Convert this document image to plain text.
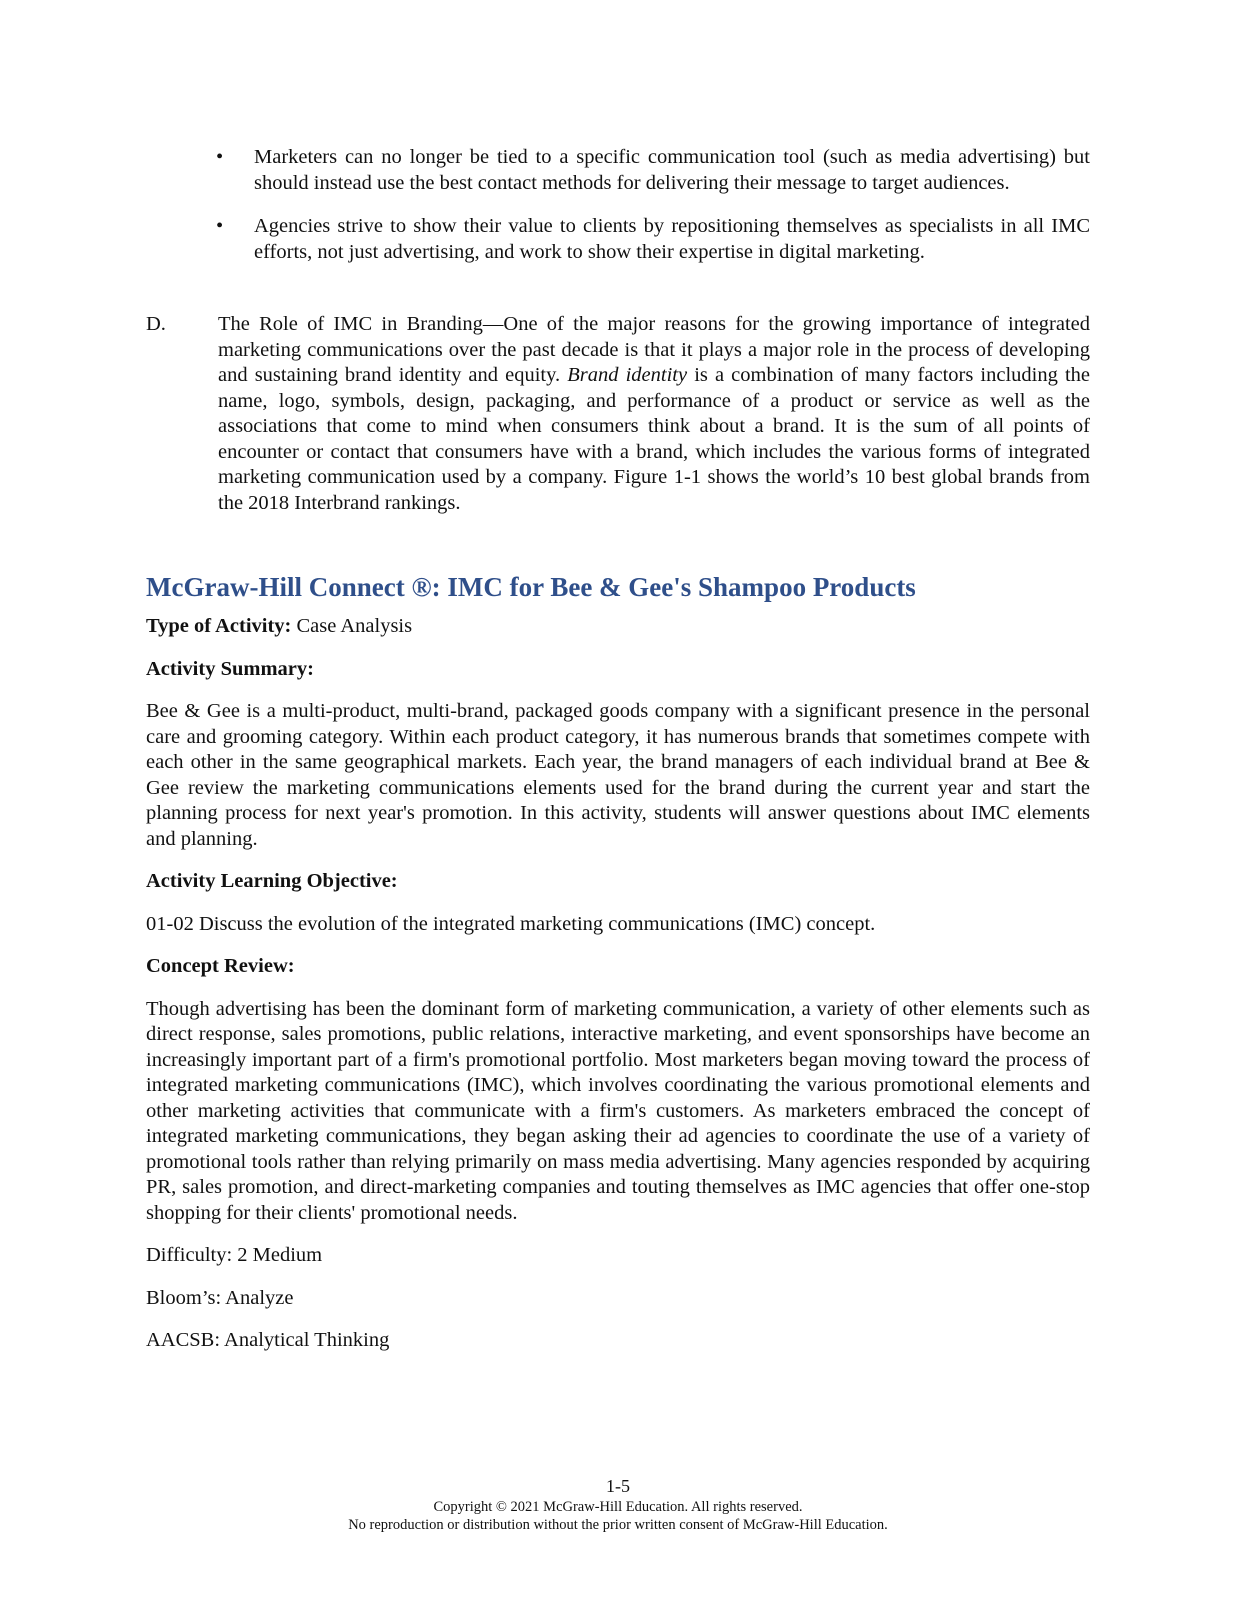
•	Marketers can no longer be tied to a specific communication tool (such as media advertising) but should instead use the best contact methods for delivering their message to target audiences.
•	Agencies strive to show their value to clients by repositioning themselves as specialists in all IMC efforts, not just advertising, and work to show their expertise in digital marketing.
D.	The Role of IMC in Branding—One of the major reasons for the growing importance of integrated marketing communications over the past decade is that it plays a major role in the process of developing and sustaining brand identity and equity. Brand identity is a combination of many factors including the name, logo, symbols, design, packaging, and performance of a product or service as well as the associations that come to mind when consumers think about a brand. It is the sum of all points of encounter or contact that consumers have with a brand, which includes the various forms of integrated marketing communication used by a company. Figure 1-1 shows the world’s 10 best global brands from the 2018 Interbrand rankings.
McGraw-Hill Connect ®: IMC for Bee & Gee's Shampoo Products

Type of Activity: Case Analysis

Activity Summary:

Bee & Gee is a multi-product, multi-brand, packaged goods company with a significant presence in the personal care and grooming category. Within each product category, it has numerous brands that sometimes compete with each other in the same geographical markets. Each year, the brand managers of each individual brand at Bee & Gee review the marketing communications elements used for the brand during the current year and start the planning process for next year's promotion. In this activity, students will answer questions about IMC elements and planning.

Activity Learning Objective:

01-02 Discuss the evolution of the integrated marketing communications (IMC) concept.

Concept Review:

Though advertising has been the dominant form of marketing communication, a variety of other elements such as direct response, sales promotions, public relations, interactive marketing, and event sponsorships have become an increasingly important part of a firm's promotional portfolio. Most marketers began moving toward the process of integrated marketing communications (IMC), which involves coordinating the various promotional elements and other marketing activities that communicate with a firm's customers. As marketers embraced the concept of integrated marketing communications, they began asking their ad agencies to coordinate the use of a variety of promotional tools rather than relying primarily on mass media advertising. Many agencies responded by acquiring PR, sales promotion, and direct-marketing companies and touting themselves as IMC agencies that offer one-stop shopping for their clients' promotional needs.

Difficulty: 2 Medium

Bloom’s: Analyze

AACSB: Analytical Thinking

1-5
Copyright © 2021 McGraw-Hill Education. All rights reserved.
No reproduction or distribution without the prior written consent of McGraw-Hill Education.
